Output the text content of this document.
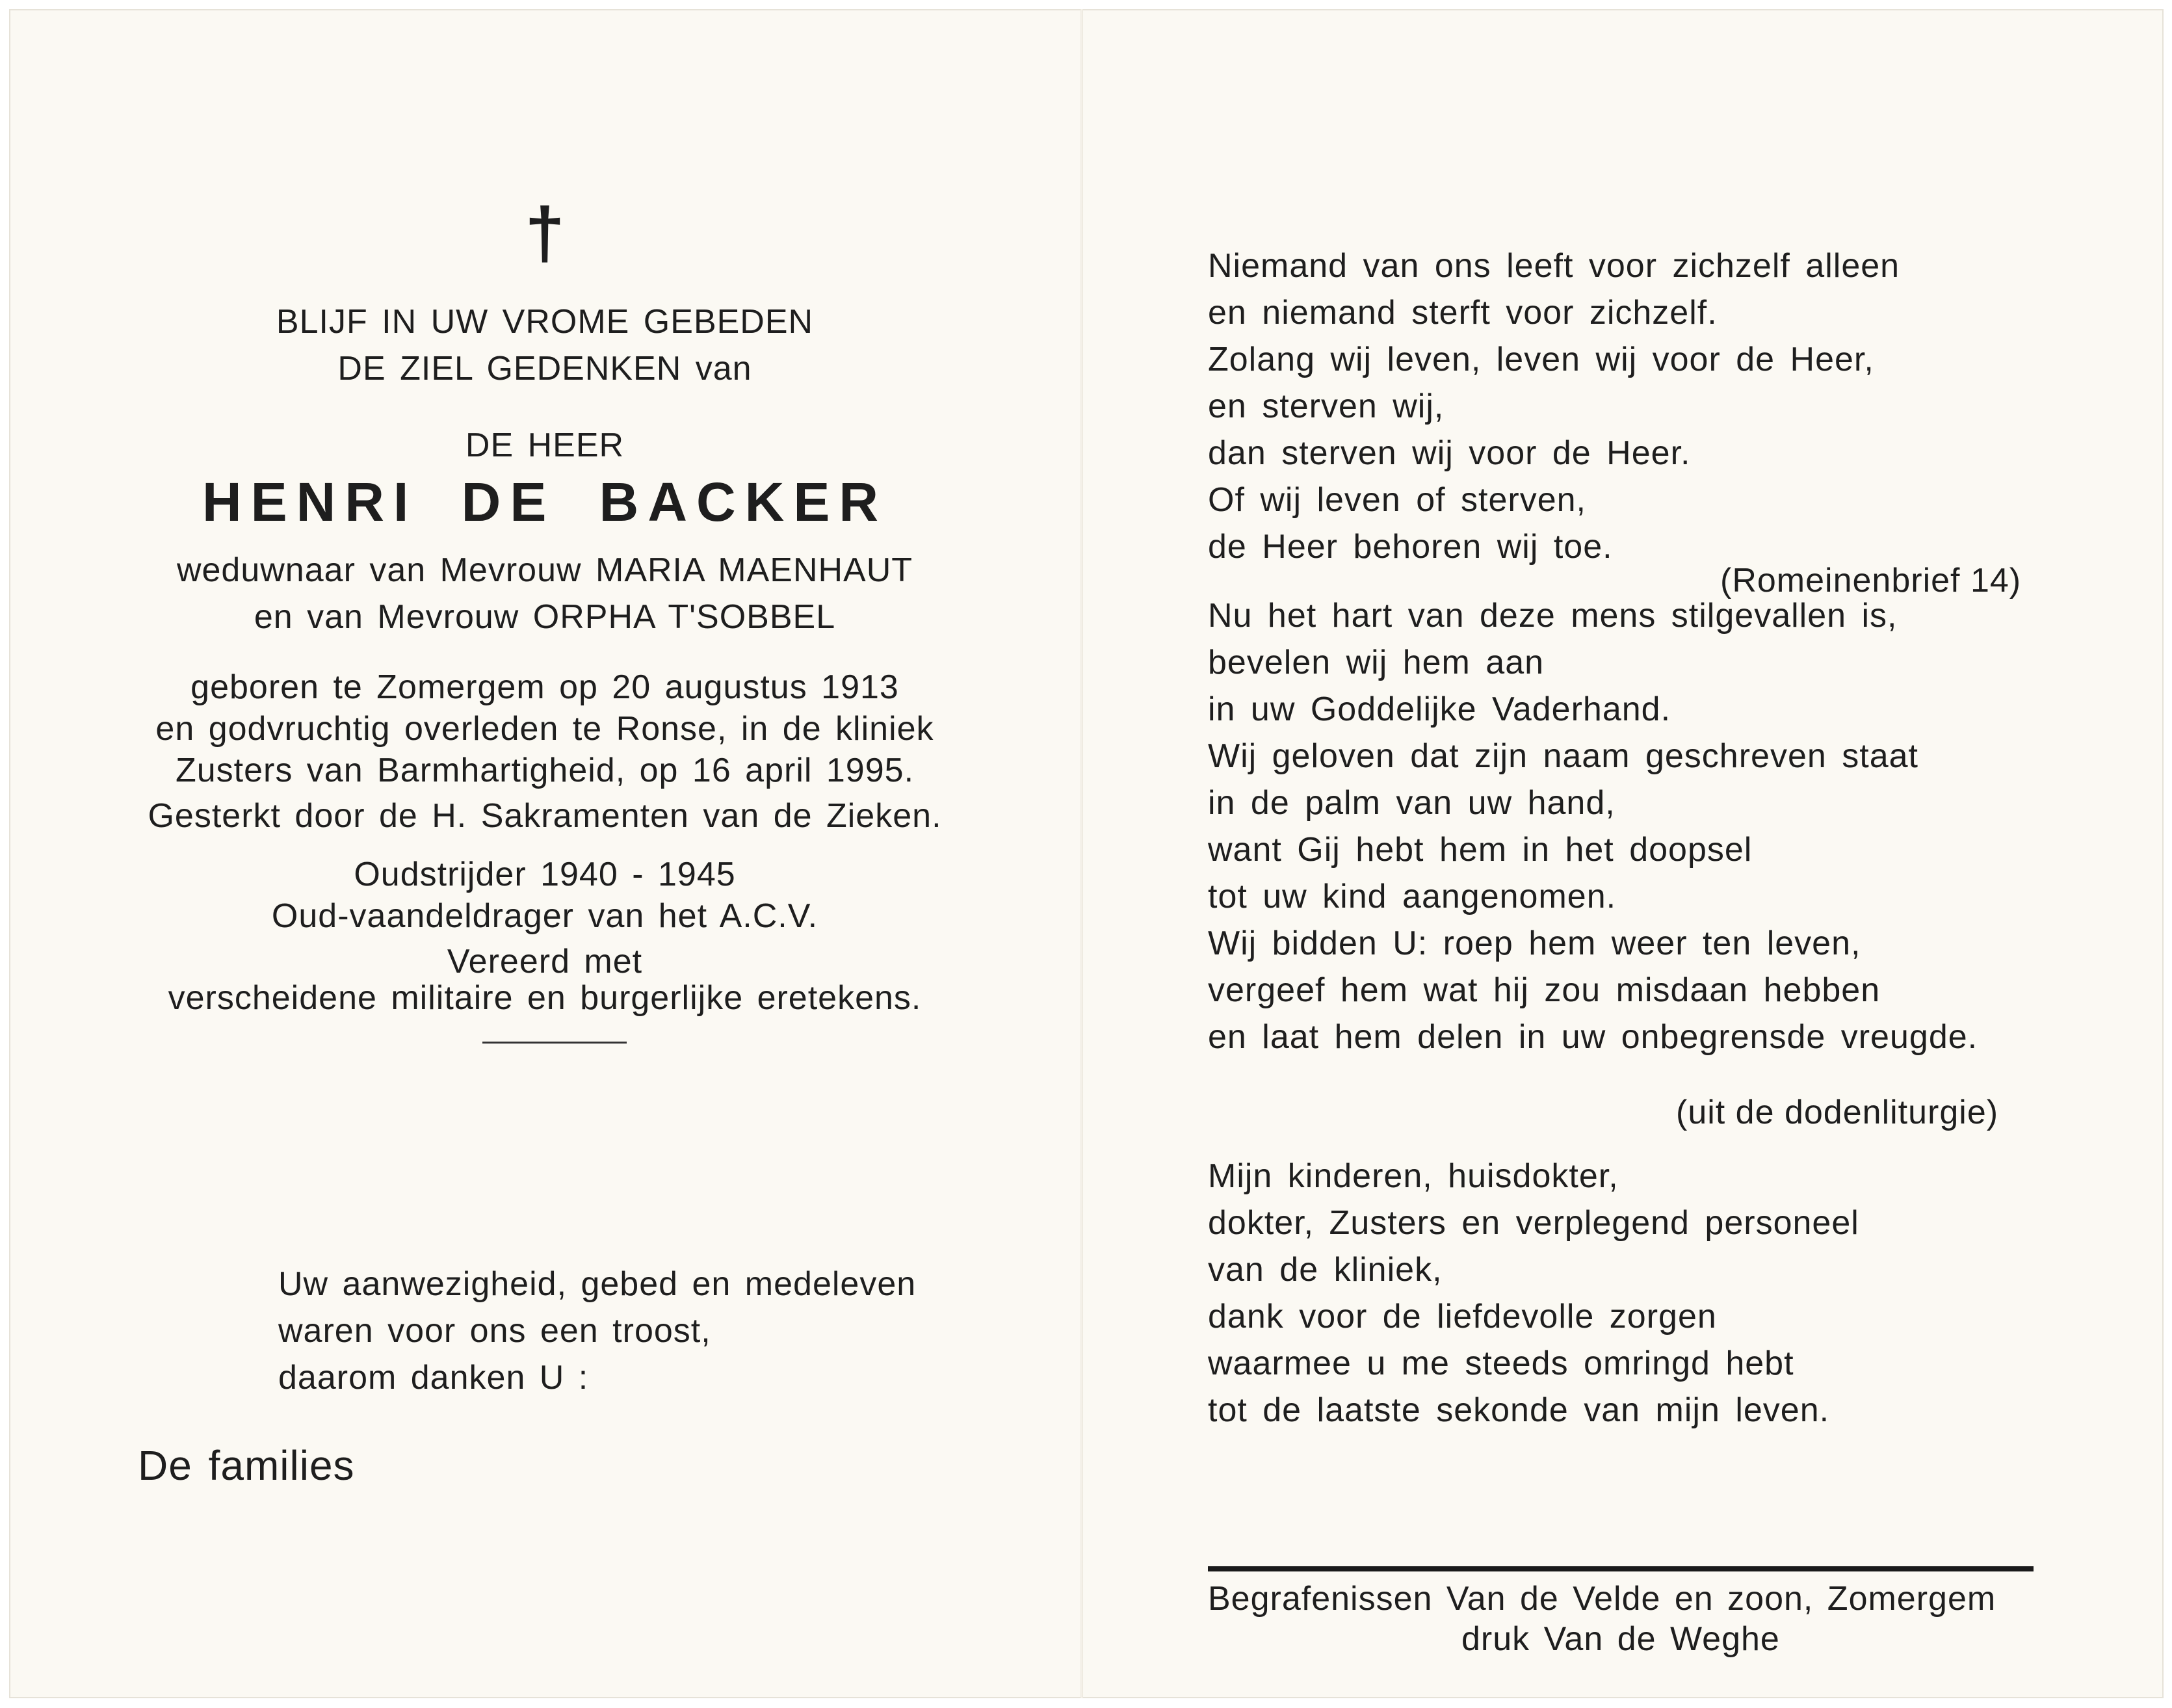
†

BLIJF IN UW VROME GEBEDEN

DE ZIEL GEDENKEN van

DE HEER

HENRI DE BACKER

weduwnaar van Mevrouw MARIA MAENHAUT

en van Mevrouw ORPHA T'SOBBEL

geboren te Zomergem op 20 augustus 1913

en godvruchtig overleden te Ronse, in de kliniek

Zusters van Barmhartigheid, op 16 april 1995.

Gesterkt door de H. Sakramenten van de Zieken.

Oudstrijder 1940 - 1945

Oud-vaandeldrager van het A.C.V.

Vereerd met

verscheidene militaire en burgerlijke eretekens.

Uw aanwezigheid, gebed en medeleven

waren voor ons een troost,

daarom danken U :

De families

Niemand van ons leeft voor zichzelf alleen

en niemand sterft voor zichzelf.

Zolang wij leven, leven wij voor de Heer,

en sterven wij,

dan sterven wij voor de Heer.

Of wij leven of sterven,

de Heer behoren wij toe.

(Romeinenbrief 14)

Nu het hart van deze mens stilgevallen is,

bevelen wij hem aan

in uw Goddelijke Vaderhand.

Wij geloven dat zijn naam geschreven staat

in de palm van uw hand,

want Gij hebt hem in het doopsel

tot uw kind aangenomen.

Wij bidden U: roep hem weer ten leven,

vergeef hem wat hij zou misdaan hebben

en laat hem delen in uw onbegrensde vreugde.

(uit de dodenliturgie)

Mijn kinderen, huisdokter,

dokter, Zusters en verplegend personeel

van de kliniek,

dank voor de liefdevolle zorgen

waarmee u me steeds omringd hebt

tot de laatste sekonde van mijn leven.

Begrafenissen Van de Velde en zoon, Zomergem

druk Van de Weghe
